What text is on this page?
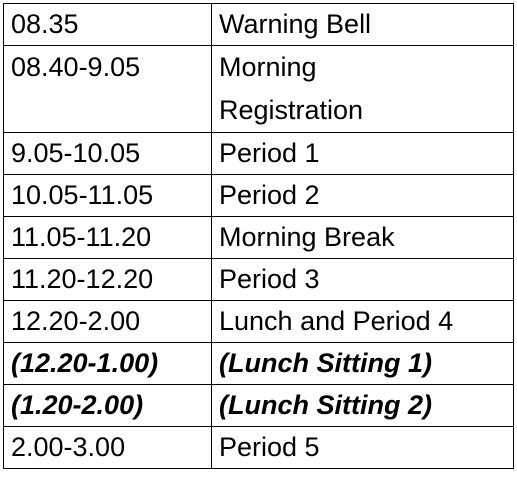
08.35	Warning Bell
08.40-9.05	Morning
Registration

9.05-10.05	Period 1
10.05-11.05	Period 2
11.05-11.20	Morning Break
11.20-12.20	Period 3
12.20-2.00	Lunch and Period 4
(12.20-1.00)	(Lunch Sitting 1)
(1.20-2.00)	(Lunch Sitting 2)
2.00-3.00	Period 5
